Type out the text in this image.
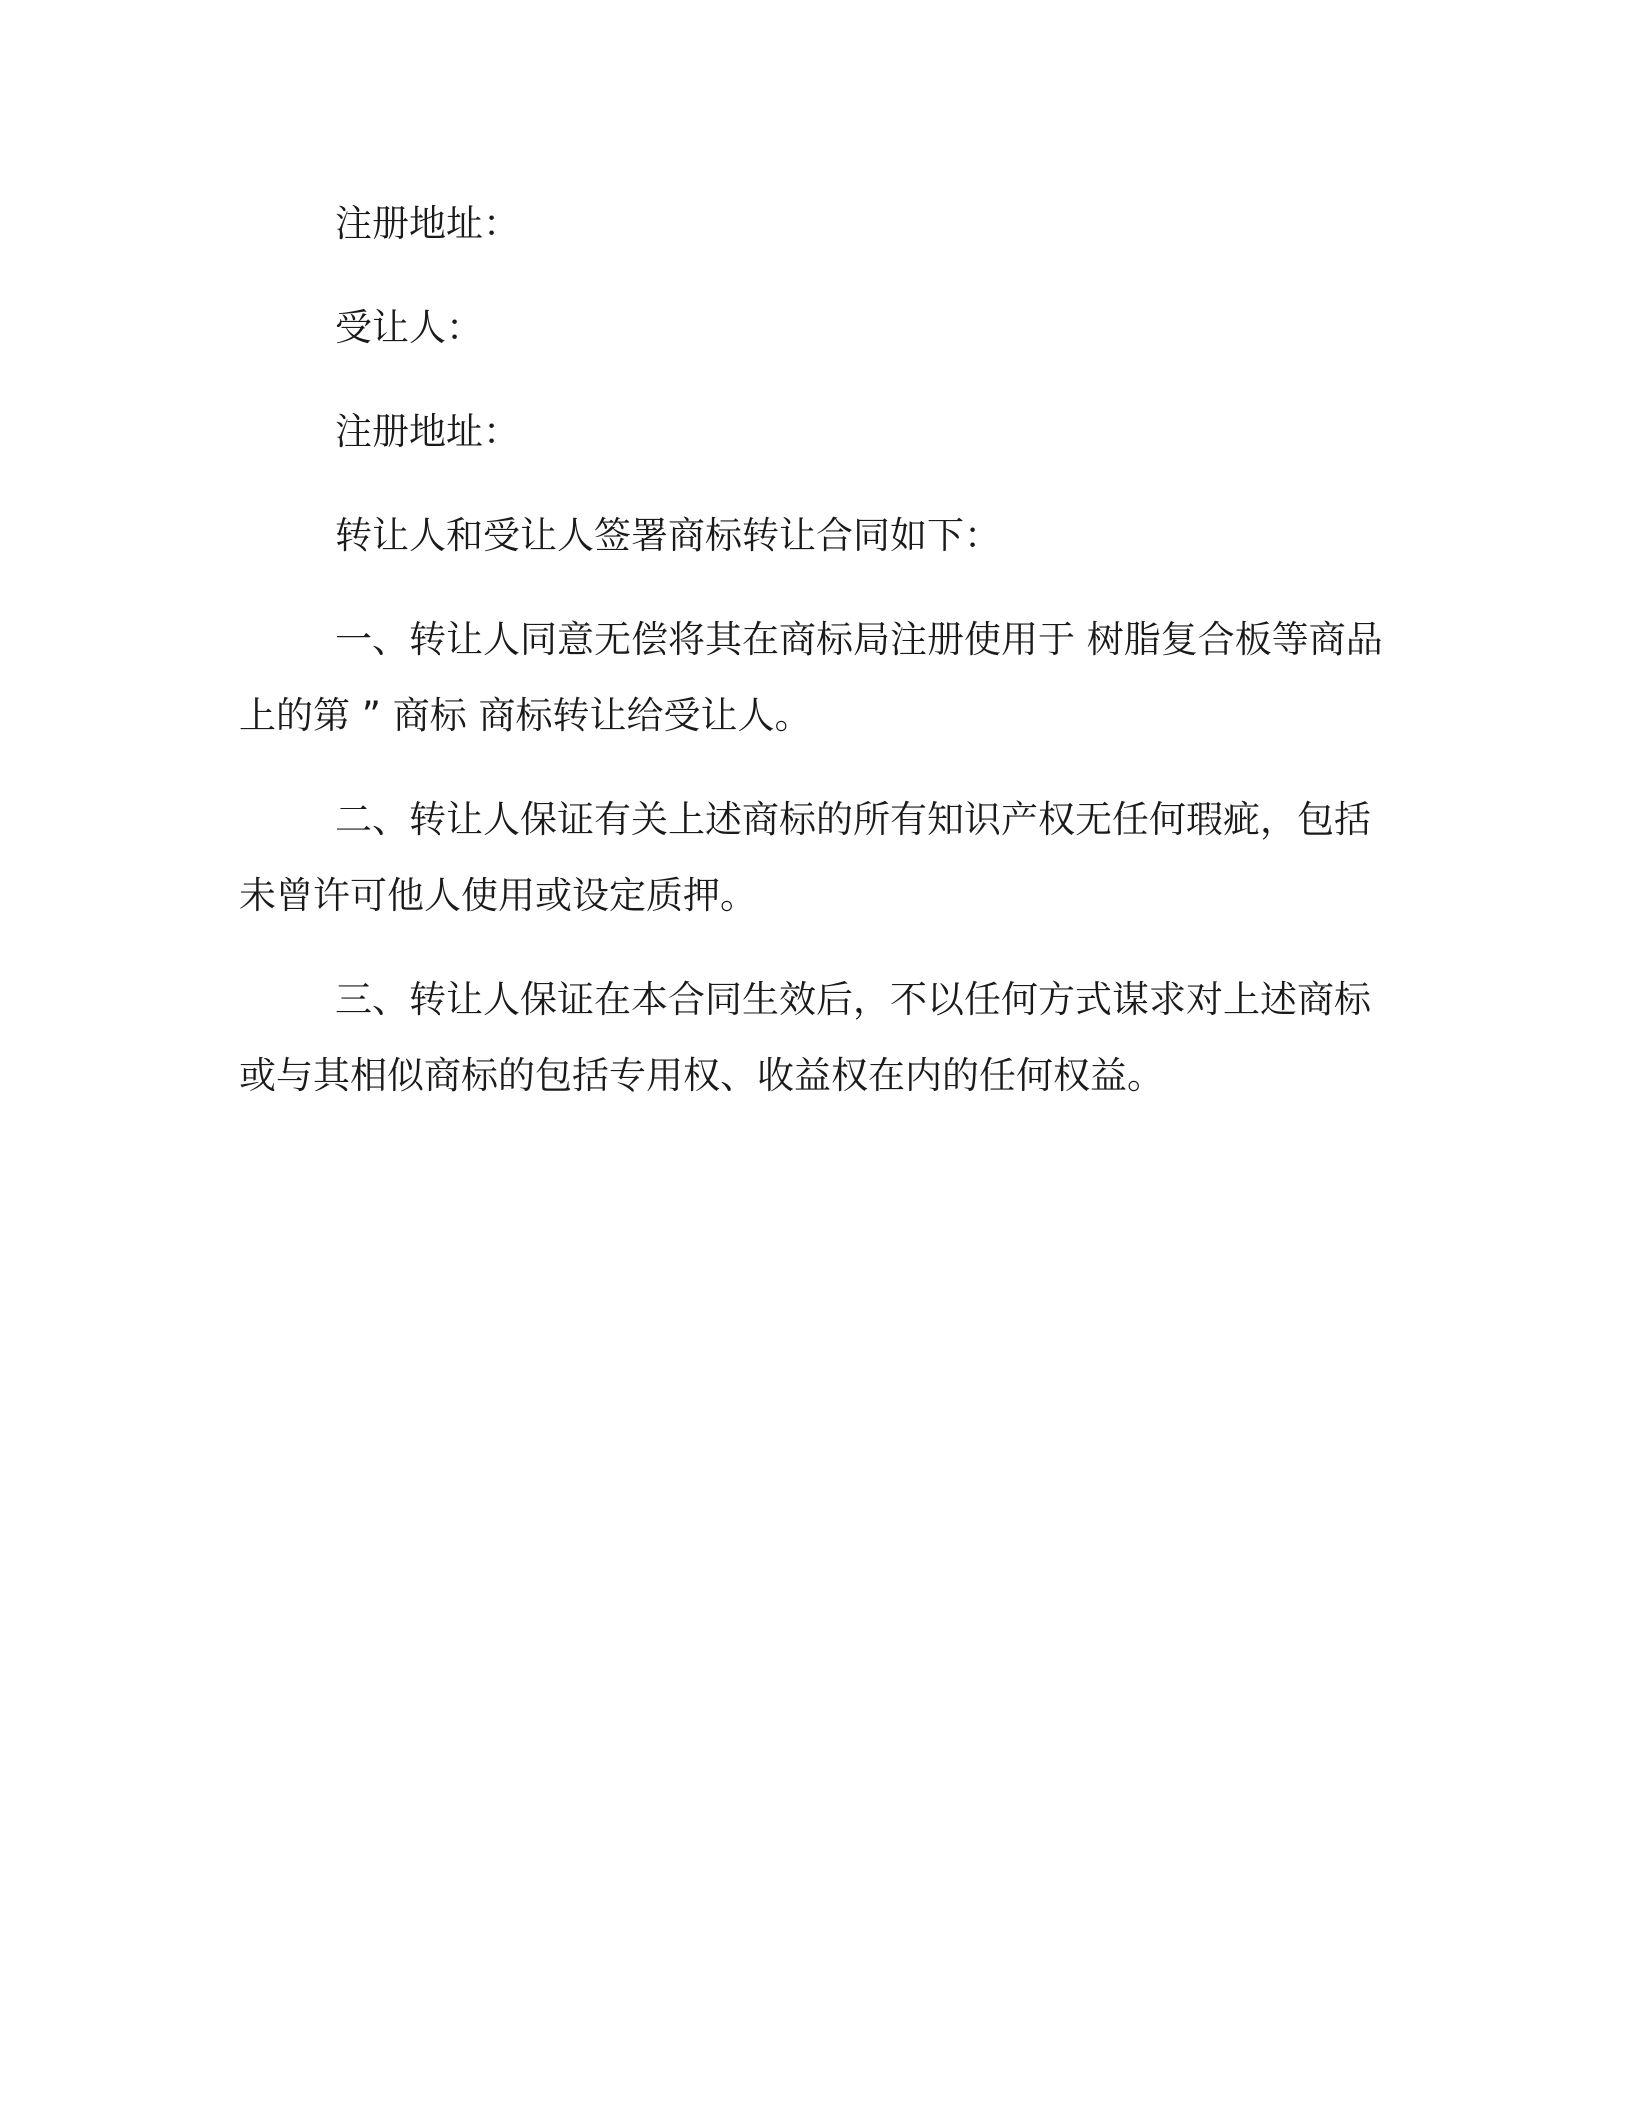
注册地址：
受让人：
注册地址：
转让人和受让人签署商标转让合同如下：
一、转让人同意无偿将其在商标局注册使用于 树脂复合板等商品
上的第 ” 商标 商标转让给受让人。
二、转让人保证有关上述商标的所有知识产权无任何瑕疵，包括
未曾许可他人使用或设定质押。
三、转让人保证在本合同生效后，不以任何方式谋求对上述商标
或与其相似商标的包括专用权、收益权在内的任何权益。
